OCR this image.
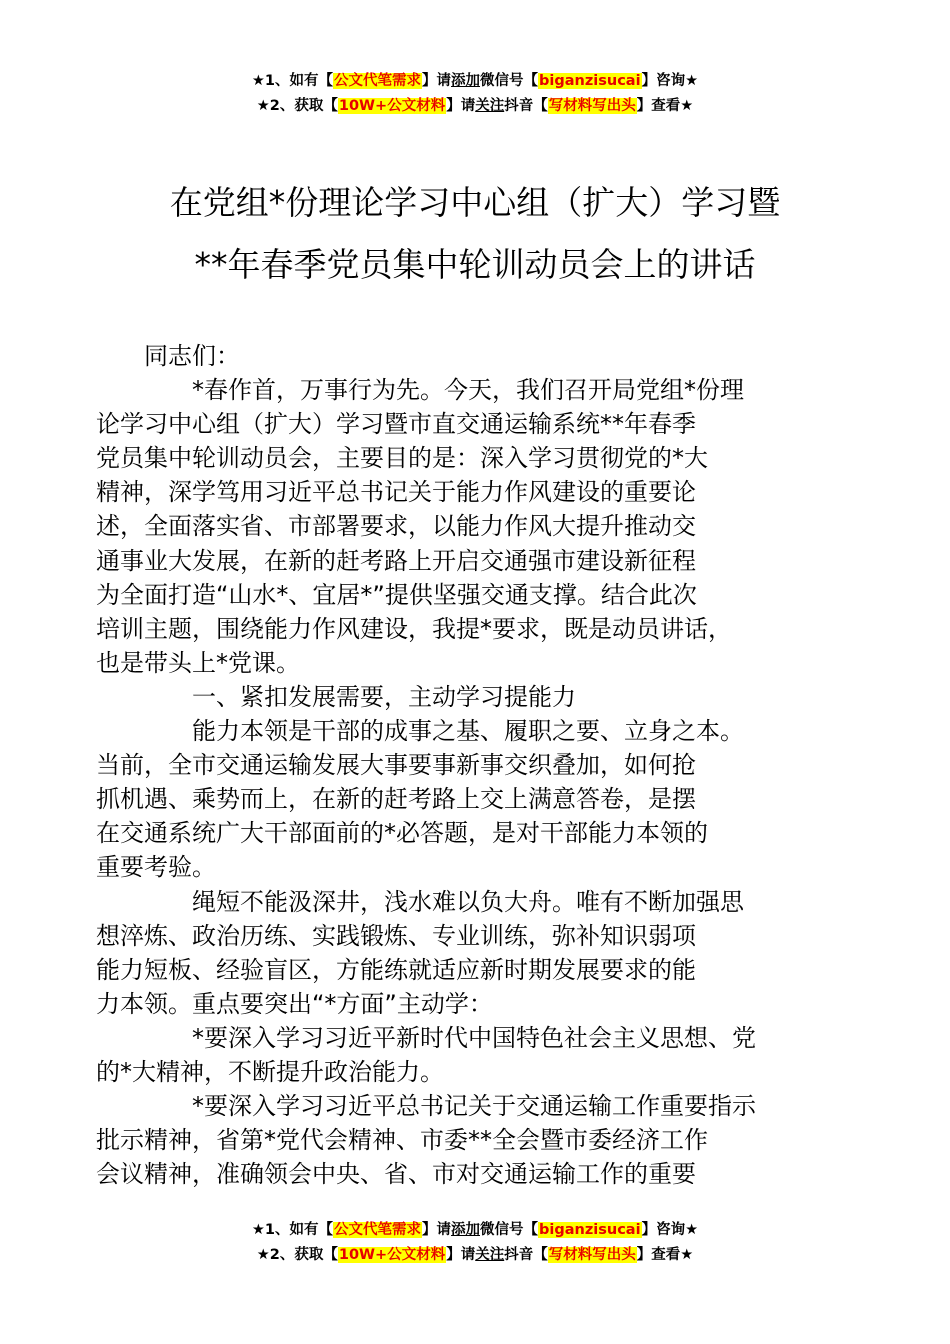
★1、如有【公文代笔需求】请添加微信号【biganzisucai】咨询★
★2、获取【10W+公文材料】请关注抖音【写材料写出头】查看★
在党组*份理论学习中心组（扩大）学习暨
**年春季党员集中轮训动员会上的讲话

同志们：

*春作首，万事行为先。今天，我们召开局党组*份理
论学习中心组（扩大）学习暨市直交通运输系统**年春季
党员集中轮训动员会，主要目的是：深入学习贯彻党的*大
精神，深学笃用习近平总书记关于能力作风建设的重要论
述，全面落实省、市部署要求，以能力作风大提升推动交
通事业大发展，在新的赶考路上开启交通强市建设新征程
为全面打造“山水*、宜居*”提供坚强交通支撑。结合此次
培训主题，围绕能力作风建设，我提*要求，既是动员讲话，
也是带头上*党课。

一、紧扣发展需要，主动学习提能力

能力本领是干部的成事之基、履职之要、立身之本。
当前，全市交通运输发展大事要事新事交织叠加，如何抢
抓机遇、乘势而上，在新的赶考路上交上满意答卷，是摆
在交通系统广大干部面前的*必答题，是对干部能力本领的
重要考验。

绳短不能汲深井，浅水难以负大舟。唯有不断加强思
想淬炼、政治历练、实践锻炼、专业训练，弥补知识弱项
能力短板、经验盲区，方能练就适应新时期发展要求的能
力本领。重点要突出“*方面”主动学：

*要深入学习习近平新时代中国特色社会主义思想、党
的*大精神，不断提升政治能力。

*要深入学习习近平总书记关于交通运输工作重要指示
批示精神，省第*党代会精神、市委**全会暨市委经济工作
会议精神，准确领会中央、省、市对交通运输工作的重要

★1、如有【公文代笔需求】请添加微信号【biganzisucai】咨询★
★2、获取【10W+公文材料】请关注抖音【写材料写出头】查看★
